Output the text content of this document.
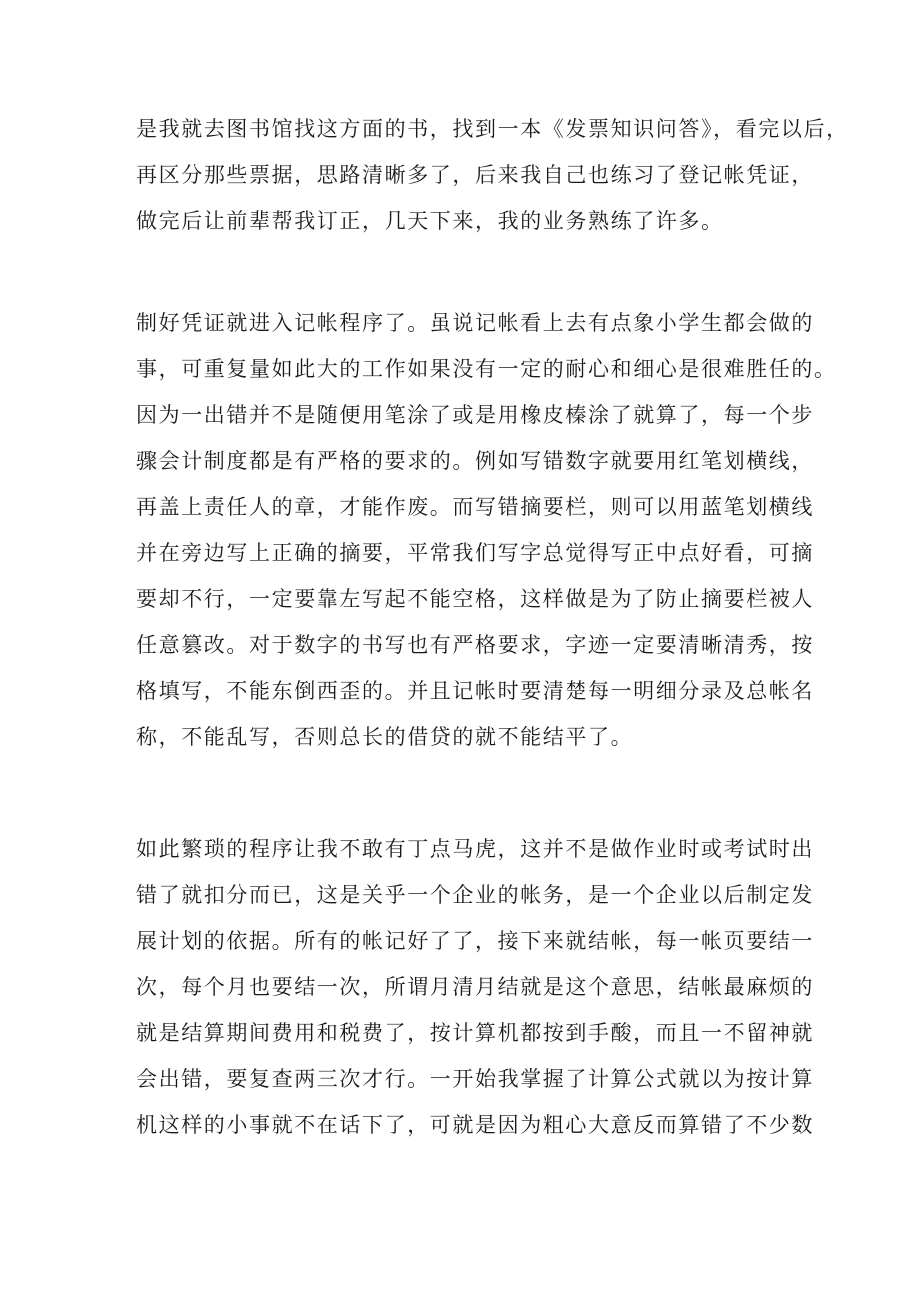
是我就去图书馆找这方面的书，找到一本《发票知识问答》，看完以后，
再区分那些票据，思路清晰多了，后来我自己也练习了登记帐凭证，
做完后让前辈帮我订正，几天下来，我的业务熟练了许多。
制好凭证就进入记帐程序了。虽说记帐看上去有点象小学生都会做的
事，可重复量如此大的工作如果没有一定的耐心和细心是很难胜任的。
因为一出错并不是随便用笔涂了或是用橡皮榛涂了就算了，每一个步
骤会计制度都是有严格的要求的。例如写错数字就要用红笔划横线，
再盖上责任人的章，才能作废。而写错摘要栏，则可以用蓝笔划横线
并在旁边写上正确的摘要，平常我们写字总觉得写正中点好看，可摘
要却不行，一定要靠左写起不能空格，这样做是为了防止摘要栏被人
任意篡改。对于数字的书写也有严格要求，字迹一定要清晰清秀，按
格填写，不能东倒西歪的。并且记帐时要清楚每一明细分录及总帐名
称，不能乱写，否则总长的借贷的就不能结平了。
如此繁琐的程序让我不敢有丁点马虎，这并不是做作业时或考试时出
错了就扣分而已，这是关乎一个企业的帐务，是一个企业以后制定发
展计划的依据。所有的帐记好了了，接下来就结帐，每一帐页要结一
次，每个月也要结一次，所谓月清月结就是这个意思，结帐最麻烦的
就是结算期间费用和税费了，按计算机都按到手酸，而且一不留神就
会出错，要复查两三次才行。一开始我掌握了计算公式就以为按计算
机这样的小事就不在话下了，可就是因为粗心大意反而算错了不少数
